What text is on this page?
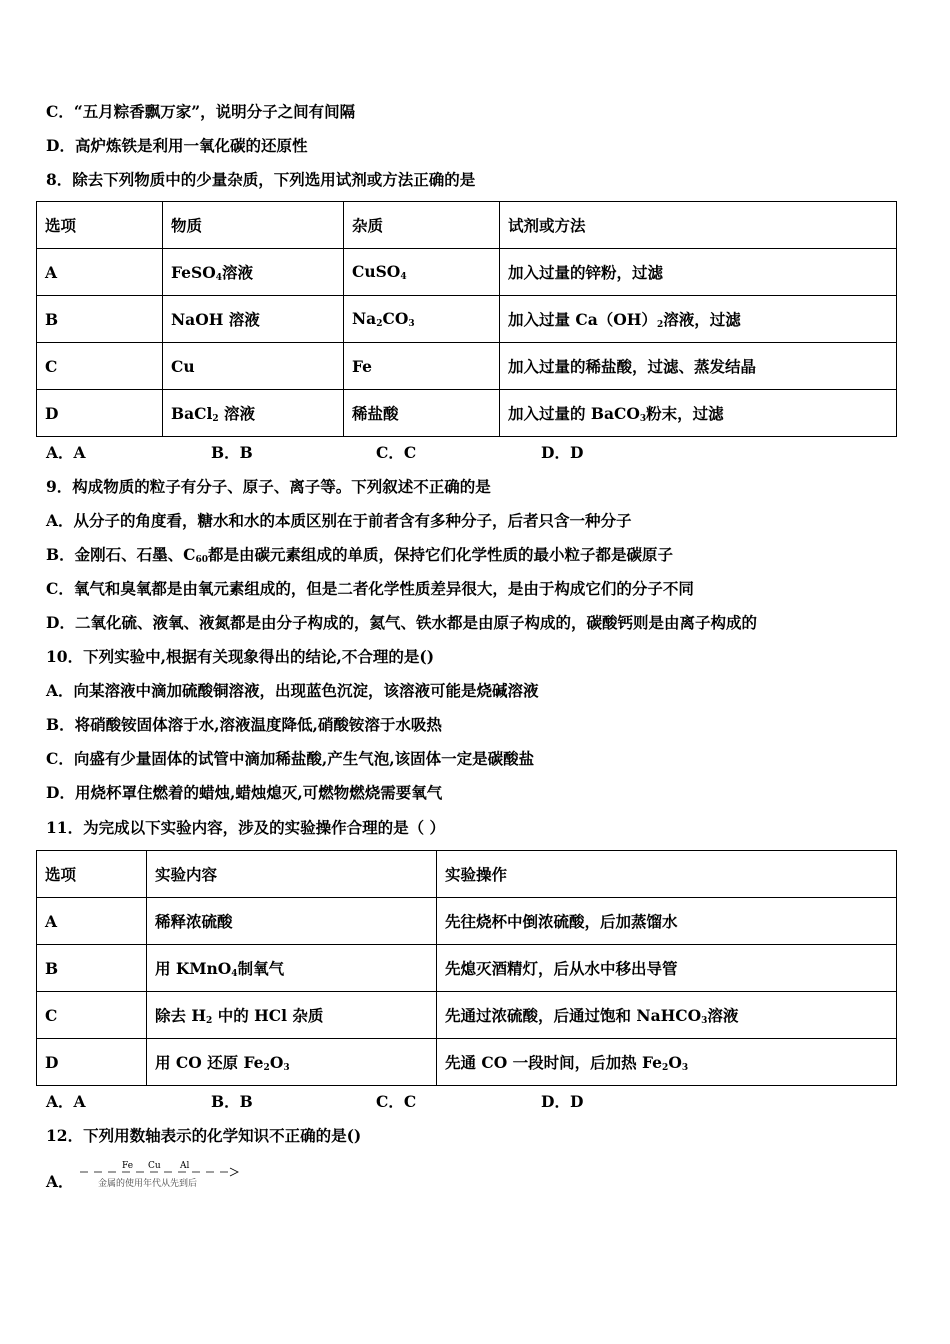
C．“五月粽香飘万家”，说明分子之间有间隔
D．高炉炼铁是利用一氧化碳的还原性
8．除去下列物质中的少量杂质，下列选用试剂或方法正确的是
选项	物质	杂质	试剂或方法
A	FeSO$_4$溶液	CuSO$_4$	加入过量的锌粉，过滤
B	NaOH 溶液	$Na_2CO_3$	加入过量 $Ca(OH)_2$溶液，过滤
C	Cu	Fe	加入过量的稀盐酸，过滤、蒸发结晶
D	BaCl$_2$ 溶液	稀盐酸	加入过量的 BaCO$_3$粉末，过滤
A．A	B．B	C．C	D．D
9．构成物质的粒子有分子、原子、离子等。下列叙述不正确的是
A．从分子的角度看，糖水和水的本质区别在于前者含有多种分子，后者只含一种分子
B．金刚石、石墨、$C_{60}$都是由碳元素组成的单质，保持它们化学性质的最小粒子都是碳原子
C．氧气和臭氧都是由氧元素组成的，但是二者化学性质差异很大，是由于构成它们的分子不同
D．二氧化硫、液氧、液氮都是由分子构成的，氦气、铁水都是由原子构成的，碳酸钙则是由离子构成的
10．下列实验中,根据有关现象得出的结论,不合理的是()
A．向某溶液中滴加硫酸铜溶液，出现蓝色沉淀，该溶液可能是烧碱溶液
B．将硝酸铵固体溶于水,溶液温度降低,硝酸铵溶于水吸热
C．向盛有少量固体的试管中滴加稀盐酸,产生气泡,该固体一定是碳酸盐
D．用烧杯罩住燃着的蜡烛,蜡烛熄灭,可燃物燃烧需要氧气
11．为完成以下实验内容，涉及的实验操作合理的是（ ）
选项	实验内容	实验操作
A	稀释浓硫酸	先往烧杯中倒浓硫酸，后加蒸馏水
B	用 KMnO$_4$制氧气	先熄灭酒精灯，后从水中移出导管
C	除去 $H_2$ 中的 HCl 杂质	先通过浓硫酸，后通过饱和 NaHCO$_3$溶液
D	用 CO 还原 $Fe_2O_3$	先通 CO 一段时间，后加热 $Fe_2O_3$
A．A	B．B	C．C	D．D
12．下列用数轴表示的化学知识不正确的是()
A．
Fe Cu Al
金属的使用年代从先到后
